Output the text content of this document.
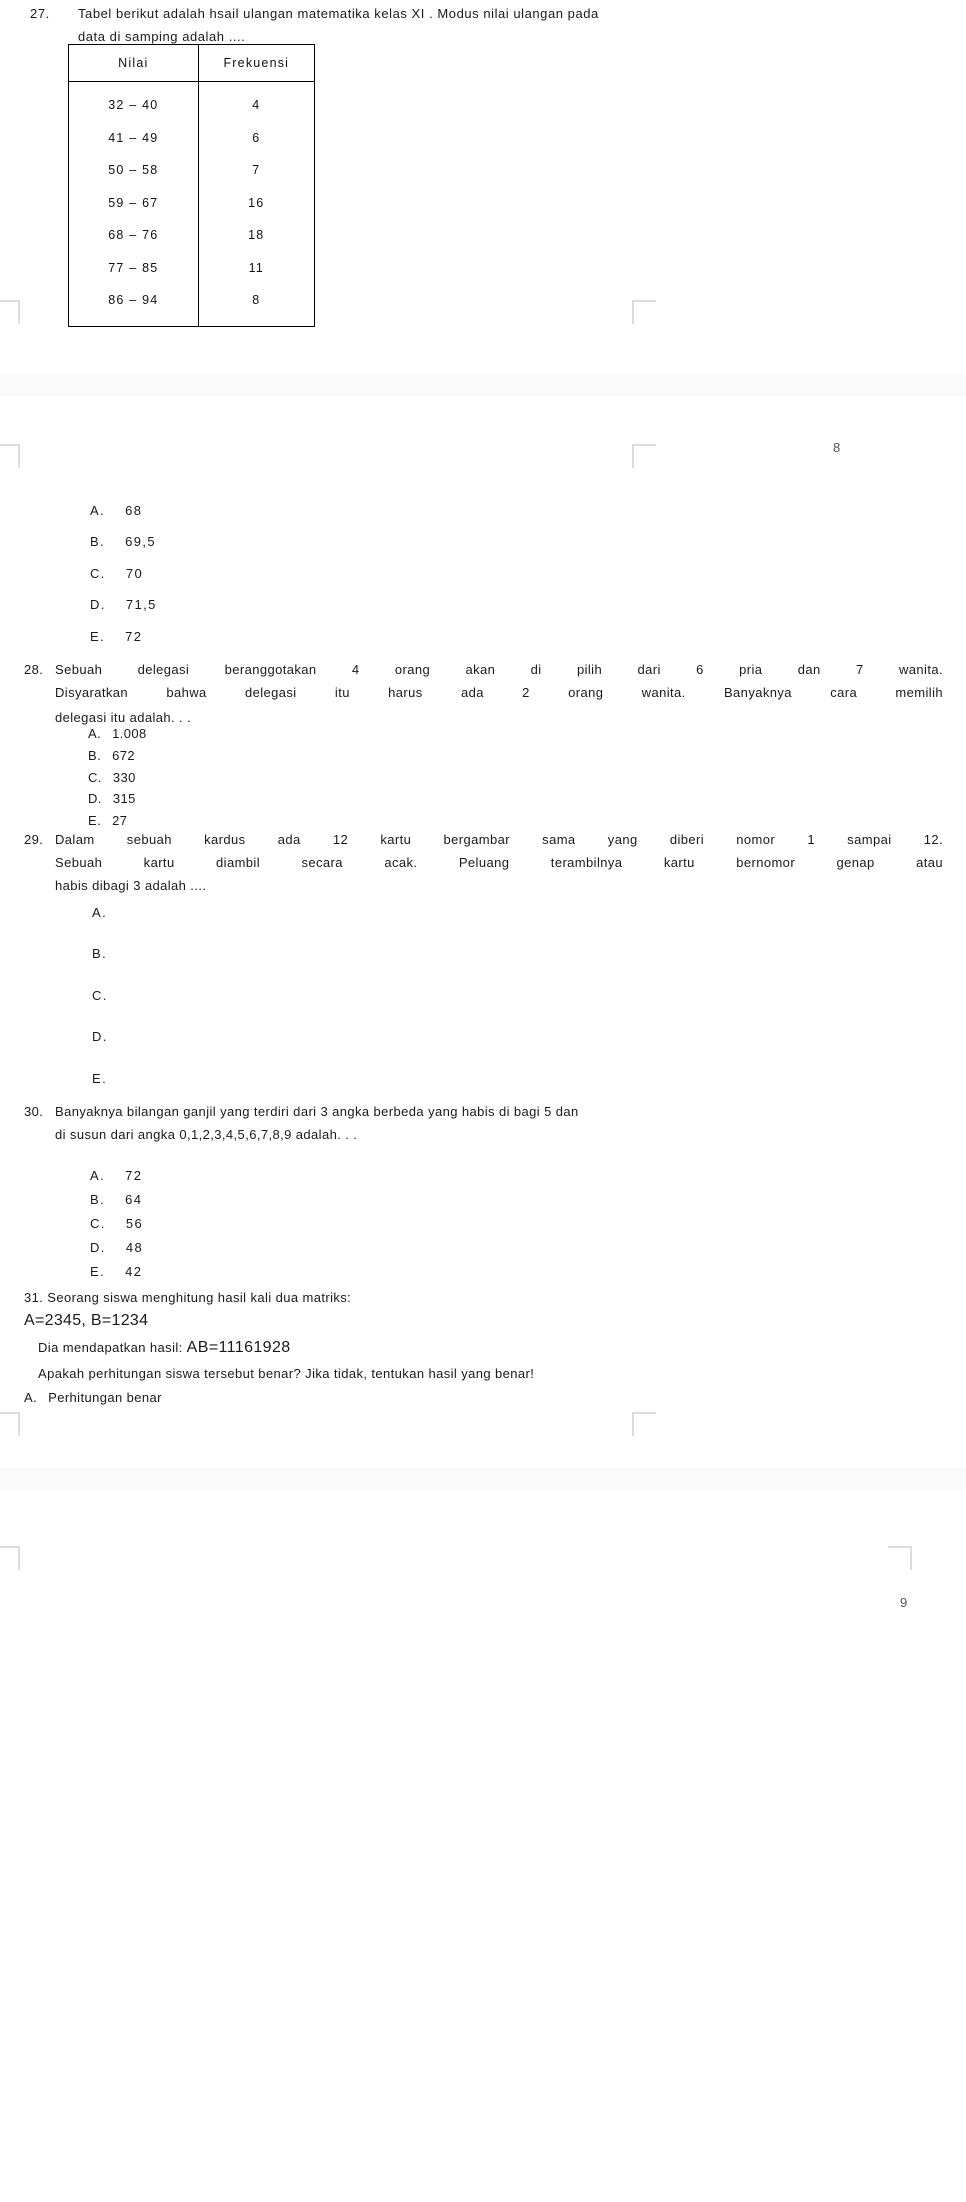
27.	Tabel berikut adalah hsail ulangan matematika kelas XI . Modus nilai ulangan pada
data di samping adalah ....
Nilai	Frekuensi
32 – 40	4
41 – 49	6
50 – 58	7
59 – 67	16
68 – 76	18
77 – 85	11
86 – 94	8
8
A. 68
B. 69,5
C. 70
D. 71,5
E. 72
28. Sebuah delegasi beranggotakan 4 orang akan di pilih dari 6 pria dan 7 wanita.
Disyaratkan bahwa delegasi itu harus ada 2 orang wanita. Banyaknya cara memilih
delegasi itu adalah. . .
A. 1.008
B. 672
C. 330
D. 315
E. 27
29. Dalam sebuah kardus ada 12 kartu bergambar sama yang diberi nomor 1 sampai 12.
Sebuah kartu diambil secara acak. Peluang terambilnya kartu bernomor genap atau
habis dibagi 3 adalah ....
A.
B.
C.
D.
E.
30. Banyaknya bilangan ganjil yang terdiri dari 3 angka berbeda yang habis di bagi 5 dan
di susun dari angka 0,1,2,3,4,5,6,7,8,9 adalah. . .
A. 72
B. 64
C. 56
D. 48
E. 42
31. Seorang siswa menghitung hasil kali dua matriks:
A=2345, B=1234
Dia mendapatkan hasil: AB=11161928
Apakah perhitungan siswa tersebut benar? Jika tidak, tentukan hasil yang benar!
A. Perhitungan benar
9
